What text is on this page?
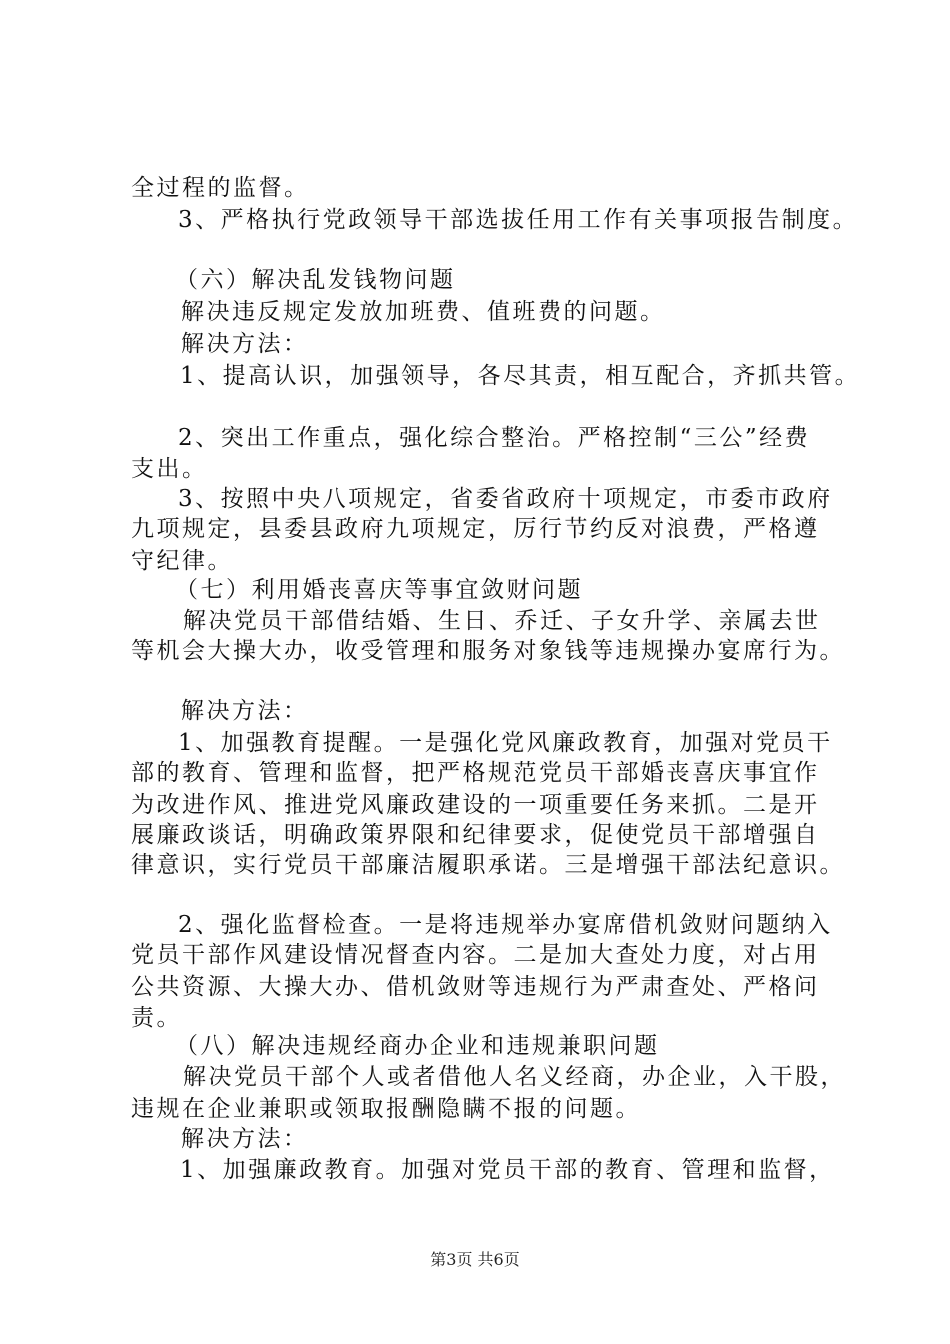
全过程的监督。
3、严格执行党政领导干部选拔任用工作有关事项报告制度。
（六）解决乱发钱物问题
解决违反规定发放加班费、值班费的问题。
解决方法：
1、提高认识，加强领导，各尽其责，相互配合，齐抓共管。
2、突出工作重点，强化综合整治。严格控制“三公”经费
支出。
3、按照中央八项规定，省委省政府十项规定，市委市政府
九项规定，县委县政府九项规定，厉行节约反对浪费，严格遵
守纪律。
（七）利用婚丧喜庆等事宜敛财问题
解决党员干部借结婚、生日、乔迁、子女升学、亲属去世
等机会大操大办，收受管理和服务对象钱等违规操办宴席行为。
解决方法：
1、加强教育提醒。一是强化党风廉政教育，加强对党员干
部的教育、管理和监督，把严格规范党员干部婚丧喜庆事宜作
为改进作风、推进党风廉政建设的一项重要任务来抓。二是开
展廉政谈话，明确政策界限和纪律要求，促使党员干部增强自
律意识，实行党员干部廉洁履职承诺。三是增强干部法纪意识。
2、强化监督检查。一是将违规举办宴席借机敛财问题纳入
党员干部作风建设情况督查内容。二是加大查处力度，对占用
公共资源、大操大办、借机敛财等违规行为严肃查处、严格问
责。
（八）解决违规经商办企业和违规兼职问题
解决党员干部个人或者借他人名义经商，办企业，入干股，
违规在企业兼职或领取报酬隐瞒不报的问题。
解决方法：
1、加强廉政教育。加强对党员干部的教育、管理和监督，
第3页 共6页
